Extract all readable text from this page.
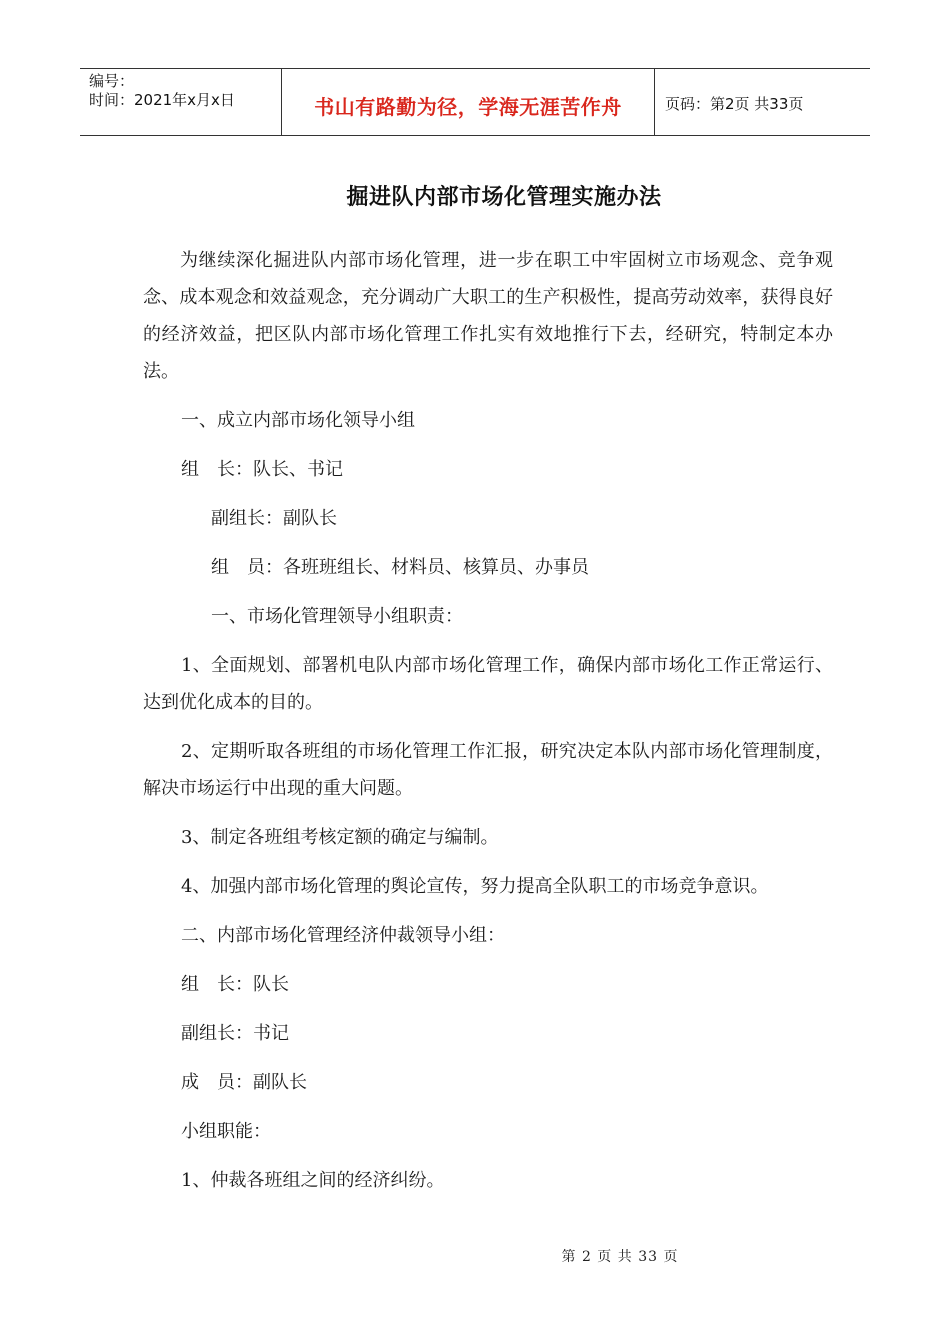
编号：
时间：2021年x月x日	书山有路勤为径，学海无涯苦作舟	页码：第2页 共33页
掘进队内部市场化管理实施办法

为继续深化掘进队内部市场化管理，进一步在职工中牢固树立市场观念、竞争观念、成本观念和效益观念，充分调动广大职工的生产积极性，提高劳动效率，获得良好的经济效益，把区队内部市场化管理工作扎实有效地推行下去，经研究，特制定本办法。

一、成立内部市场化领导小组

组　长：队长、书记

副组长：副队长

组　员：各班班组长、材料员、核算员、办事员

一、市场化管理领导小组职责：

1、全面规划、部署机电队内部市场化管理工作，确保内部市场化工作正常运行、达到优化成本的目的。

2、定期听取各班组的市场化管理工作汇报，研究决定本队内部市场化管理制度，解决市场运行中出现的重大问题。

3、制定各班组考核定额的确定与编制。

4、加强内部市场化管理的舆论宣传，努力提高全队职工的市场竞争意识。

二、内部市场化管理经济仲裁领导小组：

组　长：队长

副组长：书记

成　员：副队长

小组职能：

1、仲裁各班组之间的经济纠纷。

第 2 页 共 33 页
